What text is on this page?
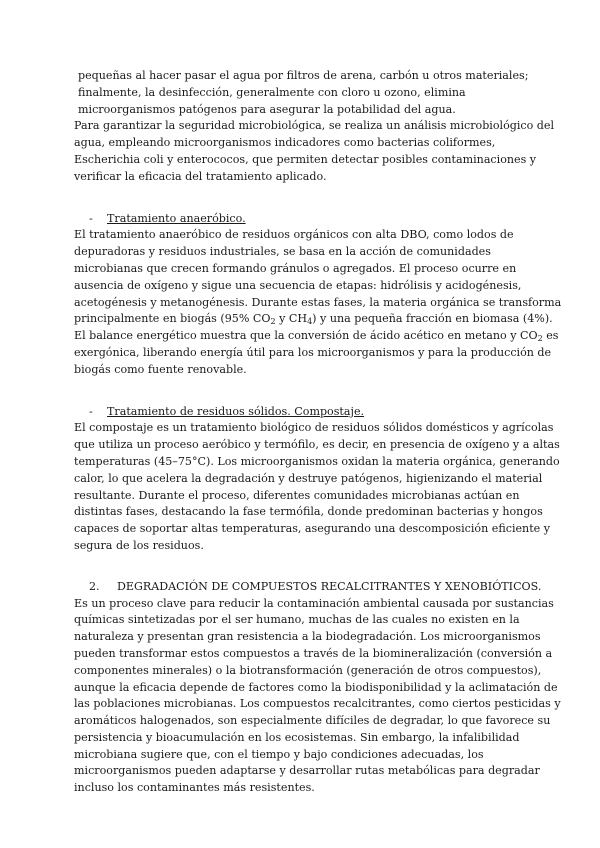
pequeñas al hacer pasar el agua por filtros de arena, carbón u otros materiales;
finalmente, la desinfección, generalmente con cloro u ozono, elimina
microorganismos patógenos para asegurar la potabilidad del agua.
Para garantizar la seguridad microbiológica, se realiza un análisis microbiológico del
agua, empleando microorganismos indicadores como bacterias coliformes,
Escherichia coli y enterococos, que permiten detectar posibles contaminaciones y
verificar la eficacia del tratamiento aplicado.
- Tratamiento anaeróbico.
El tratamiento anaeróbico de residuos orgánicos con alta DBO, como lodos de
depuradoras y residuos industriales, se basa en la acción de comunidades
microbianas que crecen formando gránulos o agregados. El proceso ocurre en
ausencia de oxígeno y sigue una secuencia de etapas: hidrólisis y acidogénesis,
acetogénesis y metanogénesis. Durante estas fases, la materia orgánica se transforma
principalmente en biogás (95% $CO_2$ y $CH_4$) y una pequeña fracción en biomasa (4%).
El balance energético muestra que la conversión de ácido acético en metano y $CO_2$ es
exergónica, liberando energía útil para los microorganismos y para la producción de
biogás como fuente renovable.
- Tratamiento de residuos sólidos. Compostaje.
El compostaje es un tratamiento biológico de residuos sólidos domésticos y agrícolas
que utiliza un proceso aeróbico y termófilo, es decir, en presencia de oxígeno y a altas
temperaturas (45–75°C). Los microorganismos oxidan la materia orgánica, generando
calor, lo que acelera la degradación y destruye patógenos, higienizando el material
resultante. Durante el proceso, diferentes comunidades microbianas actúan en
distintas fases, destacando la fase termófila, donde predominan bacterias y hongos
capaces de soportar altas temperaturas, asegurando una descomposición eficiente y
segura de los residuos.
2. DEGRADACIÓN DE COMPUESTOS RECALCITRANTES Y XENOBIÓTICOS.
Es un proceso clave para reducir la contaminación ambiental causada por sustancias
químicas sintetizadas por el ser humano, muchas de las cuales no existen en la
naturaleza y presentan gran resistencia a la biodegradación. Los microorganismos
pueden transformar estos compuestos a través de la biomineralización (conversión a
componentes minerales) o la biotransformación (generación de otros compuestos),
aunque la eficacia depende de factores como la biodisponibilidad y la aclimatación de
las poblaciones microbianas. Los compuestos recalcitrantes, como ciertos pesticidas y
aromáticos halogenados, son especialmente difíciles de degradar, lo que favorece su
persistencia y bioacumulación en los ecosistemas. Sin embargo, la infalibilidad
microbiana sugiere que, con el tiempo y bajo condiciones adecuadas, los
microorganismos pueden adaptarse y desarrollar rutas metabólicas para degradar
incluso los contaminantes más resistentes.
